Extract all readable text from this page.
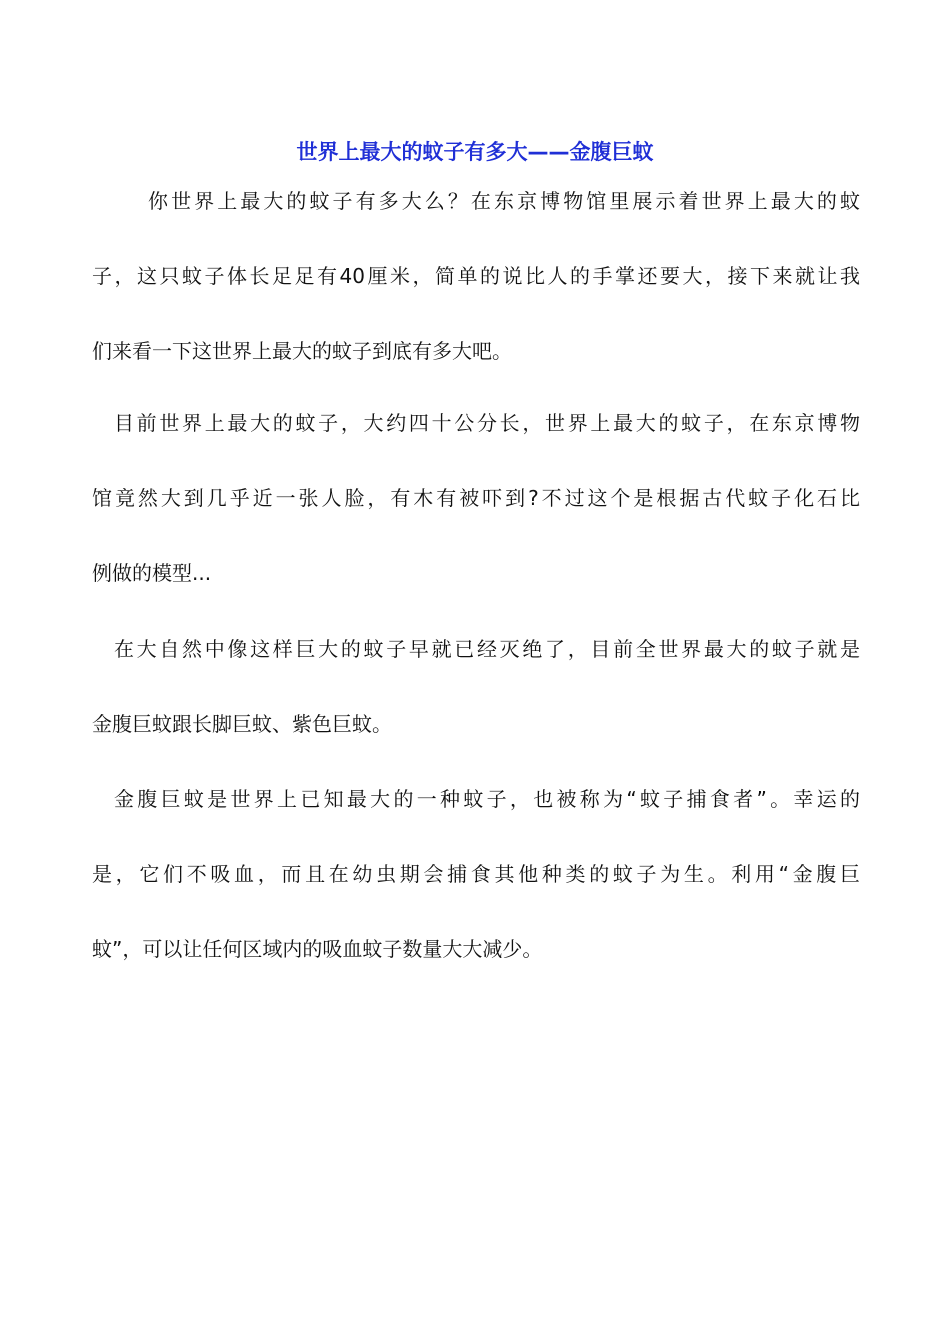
世界上最大的蚊子有多大——金腹巨蚊
你世界上最大的蚊子有多大么？在东京博物馆里展示着世界上最大的蚊
子，这只蚊子体长足足有40厘米，简单的说比人的手掌还要大，接下来就让我
们来看一下这世界上最大的蚊子到底有多大吧。
目前世界上最大的蚊子，大约四十公分长，世界上最大的蚊子，在东京博物
馆竟然大到几乎近一张人脸，有木有被吓到?不过这个是根据古代蚊子化石比
例做的模型...
在大自然中像这样巨大的蚊子早就已经灭绝了，目前全世界最大的蚊子就是
金腹巨蚊跟长脚巨蚊、紫色巨蚊。
金腹巨蚊是世界上已知最大的一种蚊子，也被称为“蚊子捕食者”。幸运的
是，它们不吸血，而且在幼虫期会捕食其他种类的蚊子为生。利用“金腹巨
蚊”，可以让任何区域内的吸血蚊子数量大大减少。
